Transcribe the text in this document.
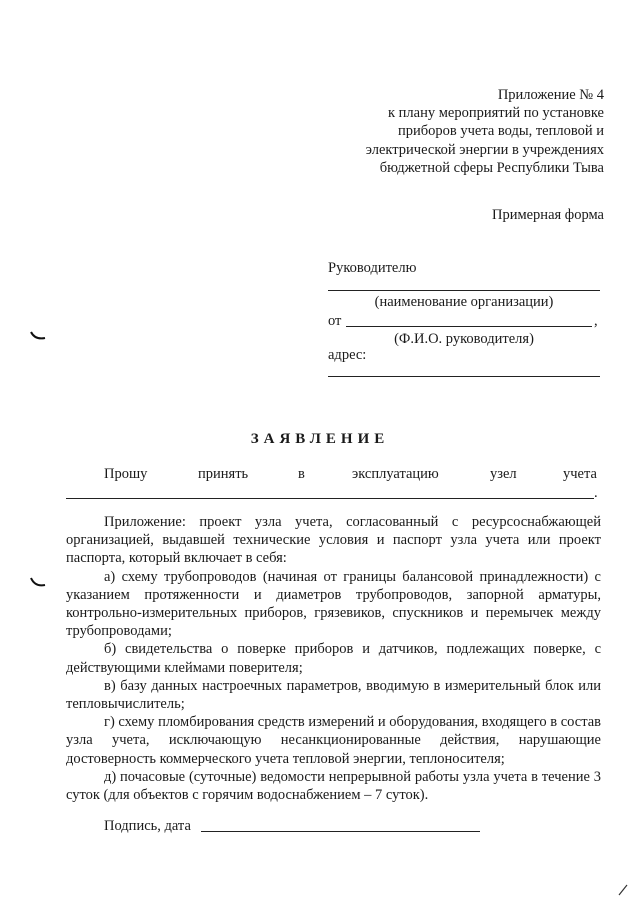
Приложение № 4
к плану мероприятий по установке
приборов учета воды, тепловой и
электрической энергии в учреждениях
бюджетной сферы Республики Тыва
Примерная форма
Руководителю
(наименование организации)
от	,
(Ф.И.О. руководителя)
адрес:
ЗАЯВЛЕНИЕ
Прошу	принять	в	эксплуатацию	узел	учета
.

Приложение: проект узла учета, согласованный с ресурсоснабжающей организацией, выдавшей технические условия и паспорт узла учета или проект паспорта, который включает в себя:

а) схему трубопроводов (начиная от границы балансовой принадлежности) с указанием протяженности и диаметров трубопроводов, запорной арматуры, контрольно-измерительных приборов, грязевиков, спускников и перемычек между трубопроводами;

б) свидетельства о поверке приборов и датчиков, подлежащих поверке, с действующими клеймами поверителя;

в) базу данных настроечных параметров, вводимую в измерительный блок или тепловычислитель;

г) схему пломбирования средств измерений и оборудования, входящего в состав узла учета, исключающую несанкционированные действия, нарушающие достоверность коммерческого учета тепловой энергии, теплоносителя;

д) почасовые (суточные) ведомости непрерывной работы узла учета в течение 3 суток (для объектов с горячим водоснабжением – 7 суток).

Подпись, дата
